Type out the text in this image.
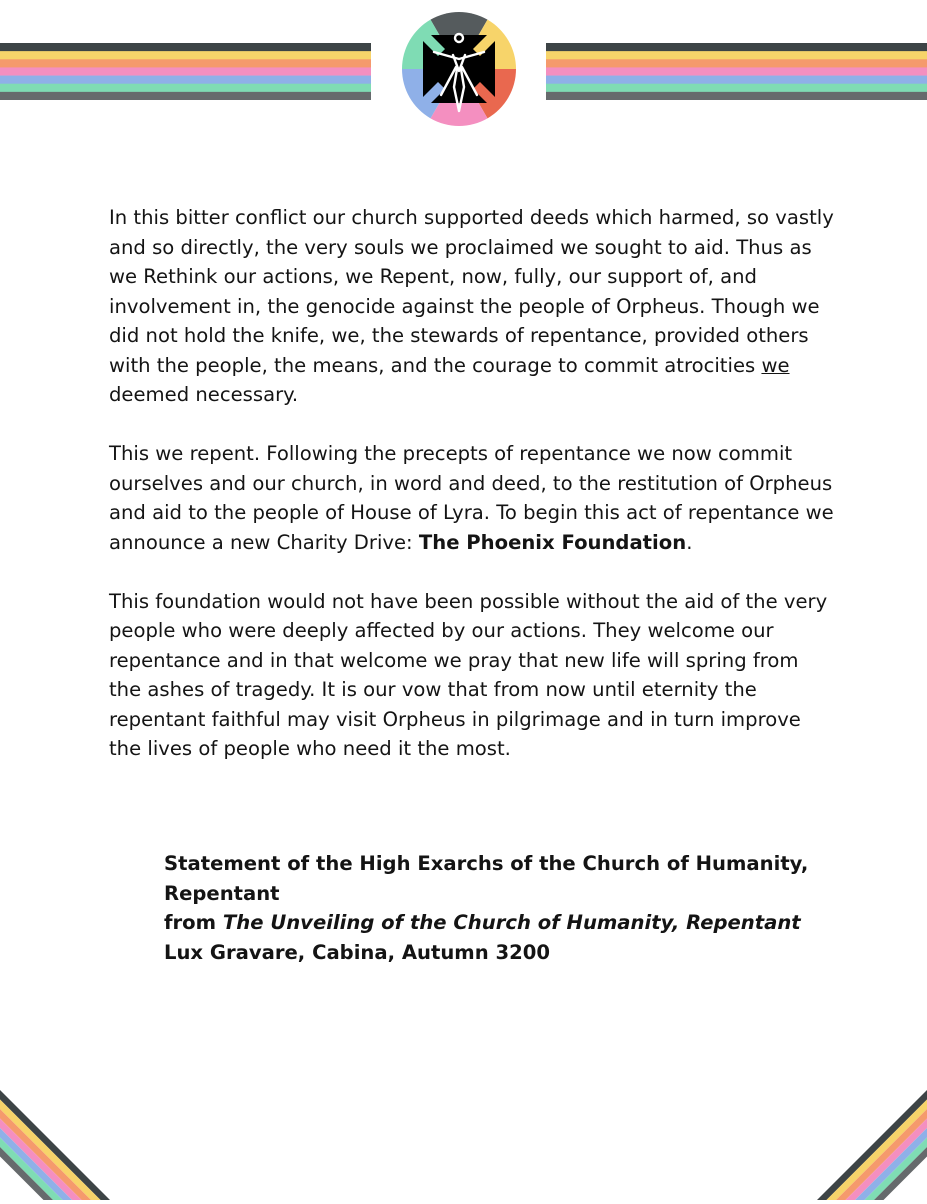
In this bitter conflict our church supported deeds which harmed, so vastly and so directly, the very souls we proclaimed we sought to aid. Thus as we Rethink our actions, we Repent, now, fully, our support of, and involvement in, the genocide against the people of Orpheus. Though we did not hold the knife, we, the stewards of repentance, provided others with the people, the means, and the courage to commit atrocities we deemed necessary.

This we repent. Following the precepts of repentance we now commit ourselves and our church, in word and deed, to the restitution of Orpheus and aid to the people of House of Lyra. To begin this act of repentance we announce a new Charity Drive: The Phoenix Foundation.

This foundation would not have been possible without the aid of the very people who were deeply affected by our actions. They welcome our repentance and in that welcome we pray that new life will spring from the ashes of tragedy. It is our vow that from now until eternity the repentant faithful may visit Orpheus in pilgrimage and in turn improve the lives of people who need it the most.

Statement of the High Exarchs of the Church of Humanity, Repentant
from The Unveiling of the Church of Humanity, Repentant
Lux Gravare, Cabina, Autumn 3200
